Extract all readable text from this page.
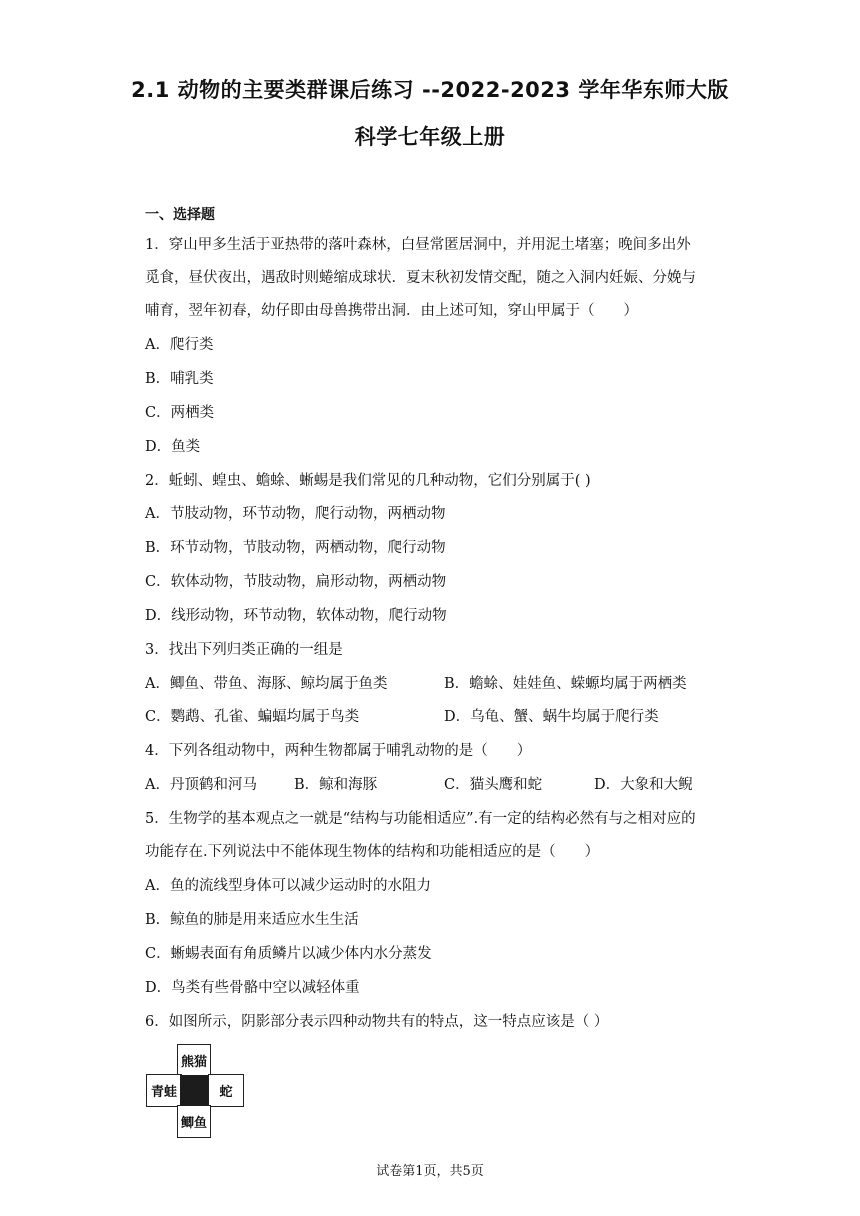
2.1 动物的主要类群课后练习 --2022-2023 学年华东师大版
科学七年级上册
一、选择题
1．穿山甲多生活于亚热带的落叶森林，白昼常匿居洞中，并用泥土堵塞；晚间多出外
觅食，昼伏夜出，遇敌时则蜷缩成球状．夏末秋初发情交配，随之入洞内妊娠、分娩与
哺育，翌年初春，幼仔即由母兽携带出洞．由上述可知，穿山甲属于（　　）
A．爬行类
B．哺乳类
C．两栖类
D．鱼类
2．蚯蚓、蝗虫、蟾蜍、蜥蜴是我们常见的几种动物，它们分别属于( )
A．节肢动物，环节动物，爬行动物，两栖动物
B．环节动物，节肢动物，两栖动物，爬行动物
C．软体动物，节肢动物，扁形动物，两栖动物
D．线形动物，环节动物，软体动物，爬行动物
3．找出下列归类正确的一组是
A．鲫鱼、带鱼、海豚、鲸均属于鱼类	B．蟾蜍、娃娃鱼、蝾螈均属于两栖类
C．鹦鹉、孔雀、蝙蝠均属于鸟类	D．乌龟、蟹、蜗牛均属于爬行类
4．下列各组动物中，两种生物都属于哺乳动物的是（　　）
A．丹顶鹤和河马	B．鲸和海豚	C．猫头鹰和蛇	D．大象和大鲵
5．生物学的基本观点之一就是“结构与功能相适应”.有一定的结构必然有与之相对应的
功能存在.下列说法中不能体现生物体的结构和功能相适应的是（　　）
A．鱼的流线型身体可以减少运动时的水阻力
B．鲸鱼的肺是用来适应水生生活
C．蜥蜴表面有角质鳞片以减少体内水分蒸发
D．鸟类有些骨骼中空以减轻体重
6．如图所示，阴影部分表示四种动物共有的特点，这一特点应该是（ ）
熊猫
青蛙	蛇
鲫鱼
试卷第1页，共5页
